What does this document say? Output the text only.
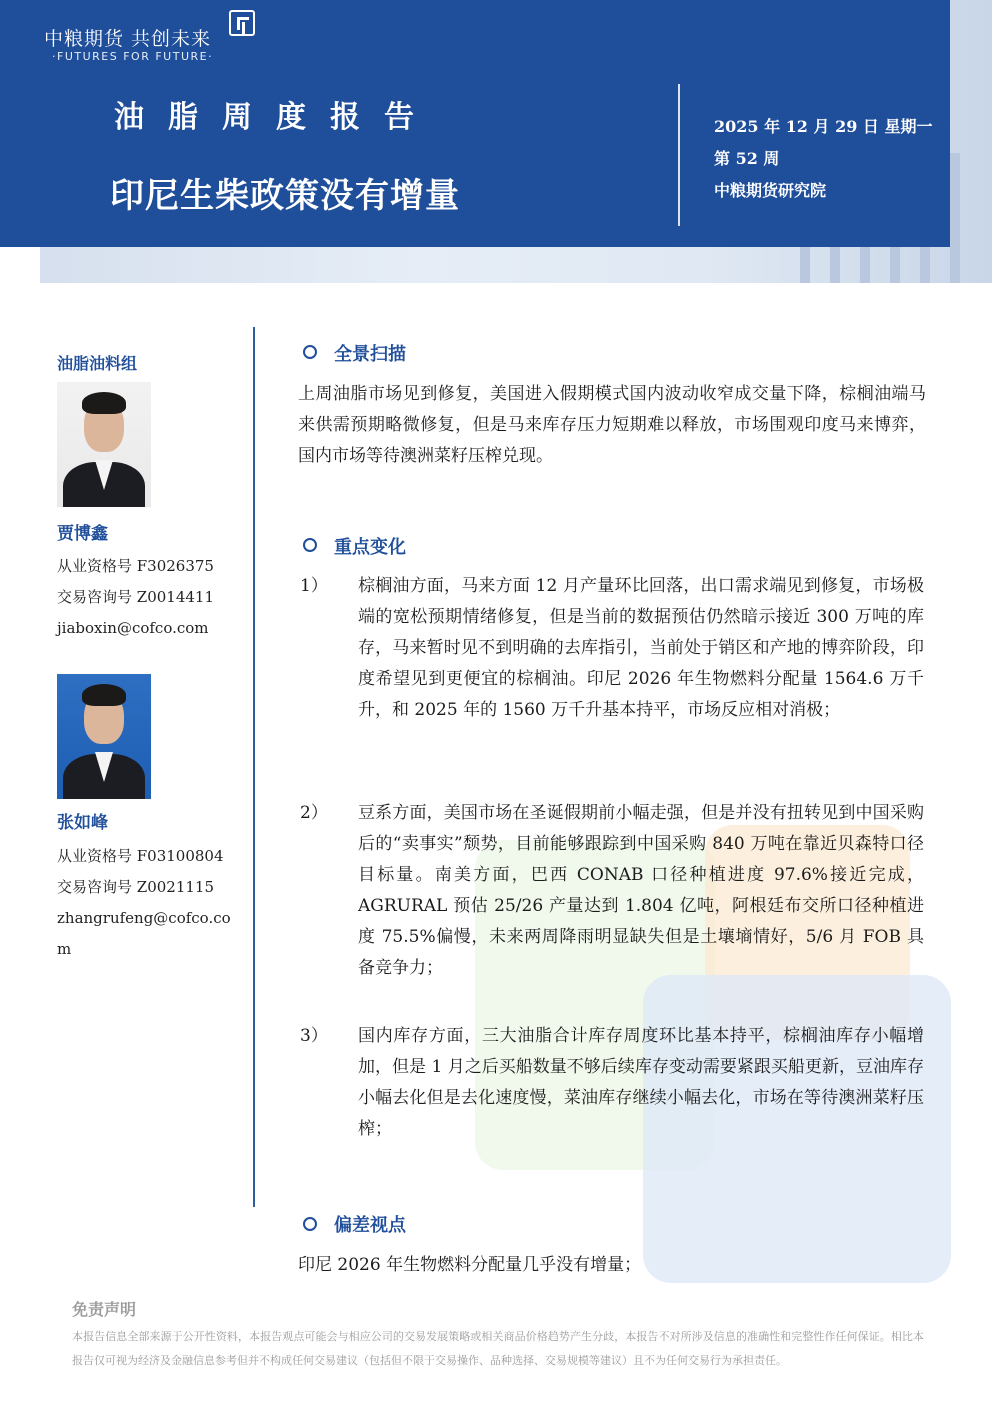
中粮期货 共创未来
·FUTURES FOR FUTURE·
油脂周度报告
印尼生柴政策没有增量
2025 年 12 月 29 日 星期一
第 52 周
中粮期货研究院
油脂油料组
贾博鑫
从业资格号 F3026375
交易咨询号 Z0014411
jiaboxin@cofco.com
张如峰
从业资格号 F03100804
交易咨询号 Z0021115
zhangrufeng@cofco.com
全景扫描
上周油脂市场见到修复，美国进入假期模式国内波动收窄成交量下降，棕榈油端马来供需预期略微修复，但是马来库存压力短期难以释放，市场围观印度马来博弈，国内市场等待澳洲菜籽压榨兑现。
重点变化
1） 棕榈油方面，马来方面 12 月产量环比回落，出口需求端见到修复，市场极端的宽松预期情绪修复，但是当前的数据预估仍然暗示接近 300 万吨的库存，马来暂时见不到明确的去库指引，当前处于销区和产地的博弈阶段，印度希望见到更便宜的棕榈油。印尼 2026 年生物燃料分配量 1564.6 万千升，和 2025 年的 1560 万千升基本持平，市场反应相对消极；
2） 豆系方面，美国市场在圣诞假期前小幅走强，但是并没有扭转见到中国采购后的“卖事实”颓势，目前能够跟踪到中国采购 840 万吨在靠近贝森特口径目标量。南美方面，巴西 CONAB 口径种植进度 97.6%接近完成，AGRURAL 预估 25/26 产量达到 1.804 亿吨，阿根廷布交所口径种植进度 75.5%偏慢，未来两周降雨明显缺失但是土壤墒情好，5/6 月 FOB 具备竞争力；
3） 国内库存方面，三大油脂合计库存周度环比基本持平，棕榈油库存小幅增加，但是 1 月之后买船数量不够后续库存变动需要紧跟买船更新，豆油库存小幅去化但是去化速度慢，菜油库存继续小幅去化，市场在等待澳洲菜籽压榨；
偏差视点
印尼 2026 年生物燃料分配量几乎没有增量；
免责声明
本报告信息全部来源于公开性资料，本报告观点可能会与相应公司的交易发展策略或相关商品价格趋势产生分歧，本报告不对所涉及信息的准确性和完整性作任何保证。相比本报告仅可视为经济及金融信息参考但并不构成任何交易建议（包括但不限于交易操作、品种选择、交易规模等建议）且不为任何交易行为承担责任。
